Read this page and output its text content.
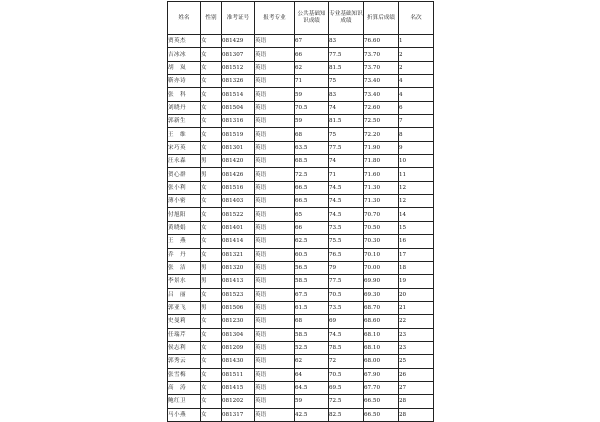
姓名	性别	准考证号	报考专业	公共基础知识成绩	专业基础知识成绩	折算后成绩	名次
贾英杰	女	081429	英语	67	83	76.60	1
吉冰冰	女	081307	英语	66	77.5	73.70	2
胡　岚	女	081512	英语	62	81.5	73.70	2
靳亦诗	女	081326	英语	71	75	73.40	4
张　科	女	081514	英语	59	83	73.40	4
刘晓丹	女	081504	英语	70.5	74	72.60	6
郭新生	女	081316	英语	59	81.5	72.50	7
王　维	女	081519	英语	68	75	72.20	8
宋巧英	女	081301	英语	63.5	77.5	71.90	9
汪永森	男	081420	英语	68.5	74	71.80	10
贺心群	男	081426	英语	72.5	71	71.60	11
张小利	女	081516	英语	66.5	74.5	71.30	12
薄小密	女	081403	英语	66.5	74.5	71.30	12
付旭阳	女	081522	英语	65	74.5	70.70	14
黄晓娟	女	081401	英语	66	73.5	70.50	15
王　燕	女	081414	英语	62.5	75.5	70.30	16
乔　丹	女	081321	英语	60.5	76.5	70.10	17
张　洁	男	081320	英语	56.5	79	70.00	18
李景水	男	081413	英语	58.5	77.5	69.90	19
吕　丽	女	081523	英语	67.5	70.5	69.30	20
郭亚飞	男	081506	英语	61.5	73.5	68.70	21
史曼莉	女	081230	英语	68	69	68.60	22
任瑞芹	女	081304	英语	58.5	74.5	68.10	23
侯志利	女	081209	英语	52.5	78.5	68.10	23
郭秀云	女	081430	英语	62	72	68.00	25
张雪梅	女	081511	英语	64	70.5	67.90	26
高　涛	女	081415	英语	64.5	69.5	67.70	27
鲍红卫	女	081202	英语	59	72.5	66.50	28
马小燕	女	081317	英语	42.5	82.5	66.50	28
